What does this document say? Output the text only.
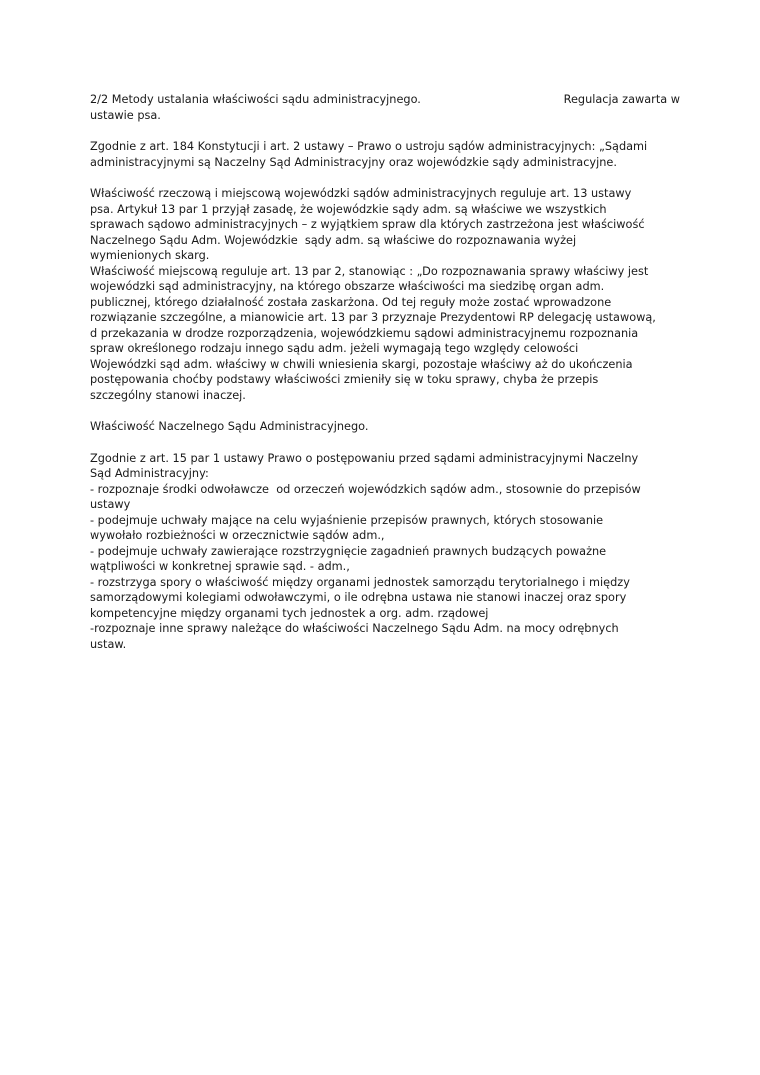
2/2 Metody ustalania właściwości sądu administracyjnego.	Regulacja zawarta w
ustawie psa.
Zgodnie z art. 184 Konstytucji i art. 2 ustawy – Prawo o ustroju sądów administracyjnych: „Sądami
administracyjnymi są Naczelny Sąd Administracyjny oraz wojewódzkie sądy administracyjne.
Właściwość rzeczową i miejscową wojewódzki sądów administracyjnych reguluje art. 13 ustawy
psa. Artykuł 13 par 1 przyjął zasadę, że wojewódzkie sądy adm. są właściwe we wszystkich
sprawach sądowo administracyjnych – z wyjątkiem spraw dla których zastrzeżona jest właściwość
Naczelnego Sądu Adm. Wojewódzkie  sądy adm. są właściwe do rozpoznawania wyżej
wymienionych skarg.
Właściwość miejscową reguluje art. 13 par 2, stanowiąc : „Do rozpoznawania sprawy właściwy jest
wojewódzki sąd administracyjny, na którego obszarze właściwości ma siedzibę organ adm.
publicznej, którego działalność została zaskarżona. Od tej reguły może zostać wprowadzone
rozwiązanie szczególne, a mianowicie art. 13 par 3 przyznaje Prezydentowi RP delegację ustawową,
d przekazania w drodze rozporządzenia, wojewódzkiemu sądowi administracyjnemu rozpoznania
spraw określonego rodzaju innego sądu adm. jeżeli wymagają tego względy celowości
Wojewódzki sąd adm. właściwy w chwili wniesienia skargi, pozostaje właściwy aż do ukończenia
postępowania choćby podstawy właściwości zmieniły się w toku sprawy, chyba że przepis
szczególny stanowi inaczej.
Właściwość Naczelnego Sądu Administracyjnego.
Zgodnie z art. 15 par 1 ustawy Prawo o postępowaniu przed sądami administracyjnymi Naczelny
Sąd Administracyjny:
- rozpoznaje środki odwoławcze  od orzeczeń wojewódzkich sądów adm., stosownie do przepisów
ustawy
- podejmuje uchwały mające na celu wyjaśnienie przepisów prawnych, których stosowanie
wywołało rozbieżności w orzecznictwie sądów adm.,
- podejmuje uchwały zawierające rozstrzygnięcie zagadnień prawnych budzących poważne
wątpliwości w konkretnej sprawie sąd. - adm.,
- rozstrzyga spory o właściwość między organami jednostek samorządu terytorialnego i między
samorządowymi kolegiami odwoławczymi, o ile odrębna ustawa nie stanowi inaczej oraz spory
kompetencyjne między organami tych jednostek a org. adm. rządowej
-rozpoznaje inne sprawy należące do właściwości Naczelnego Sądu Adm. na mocy odrębnych
ustaw.
